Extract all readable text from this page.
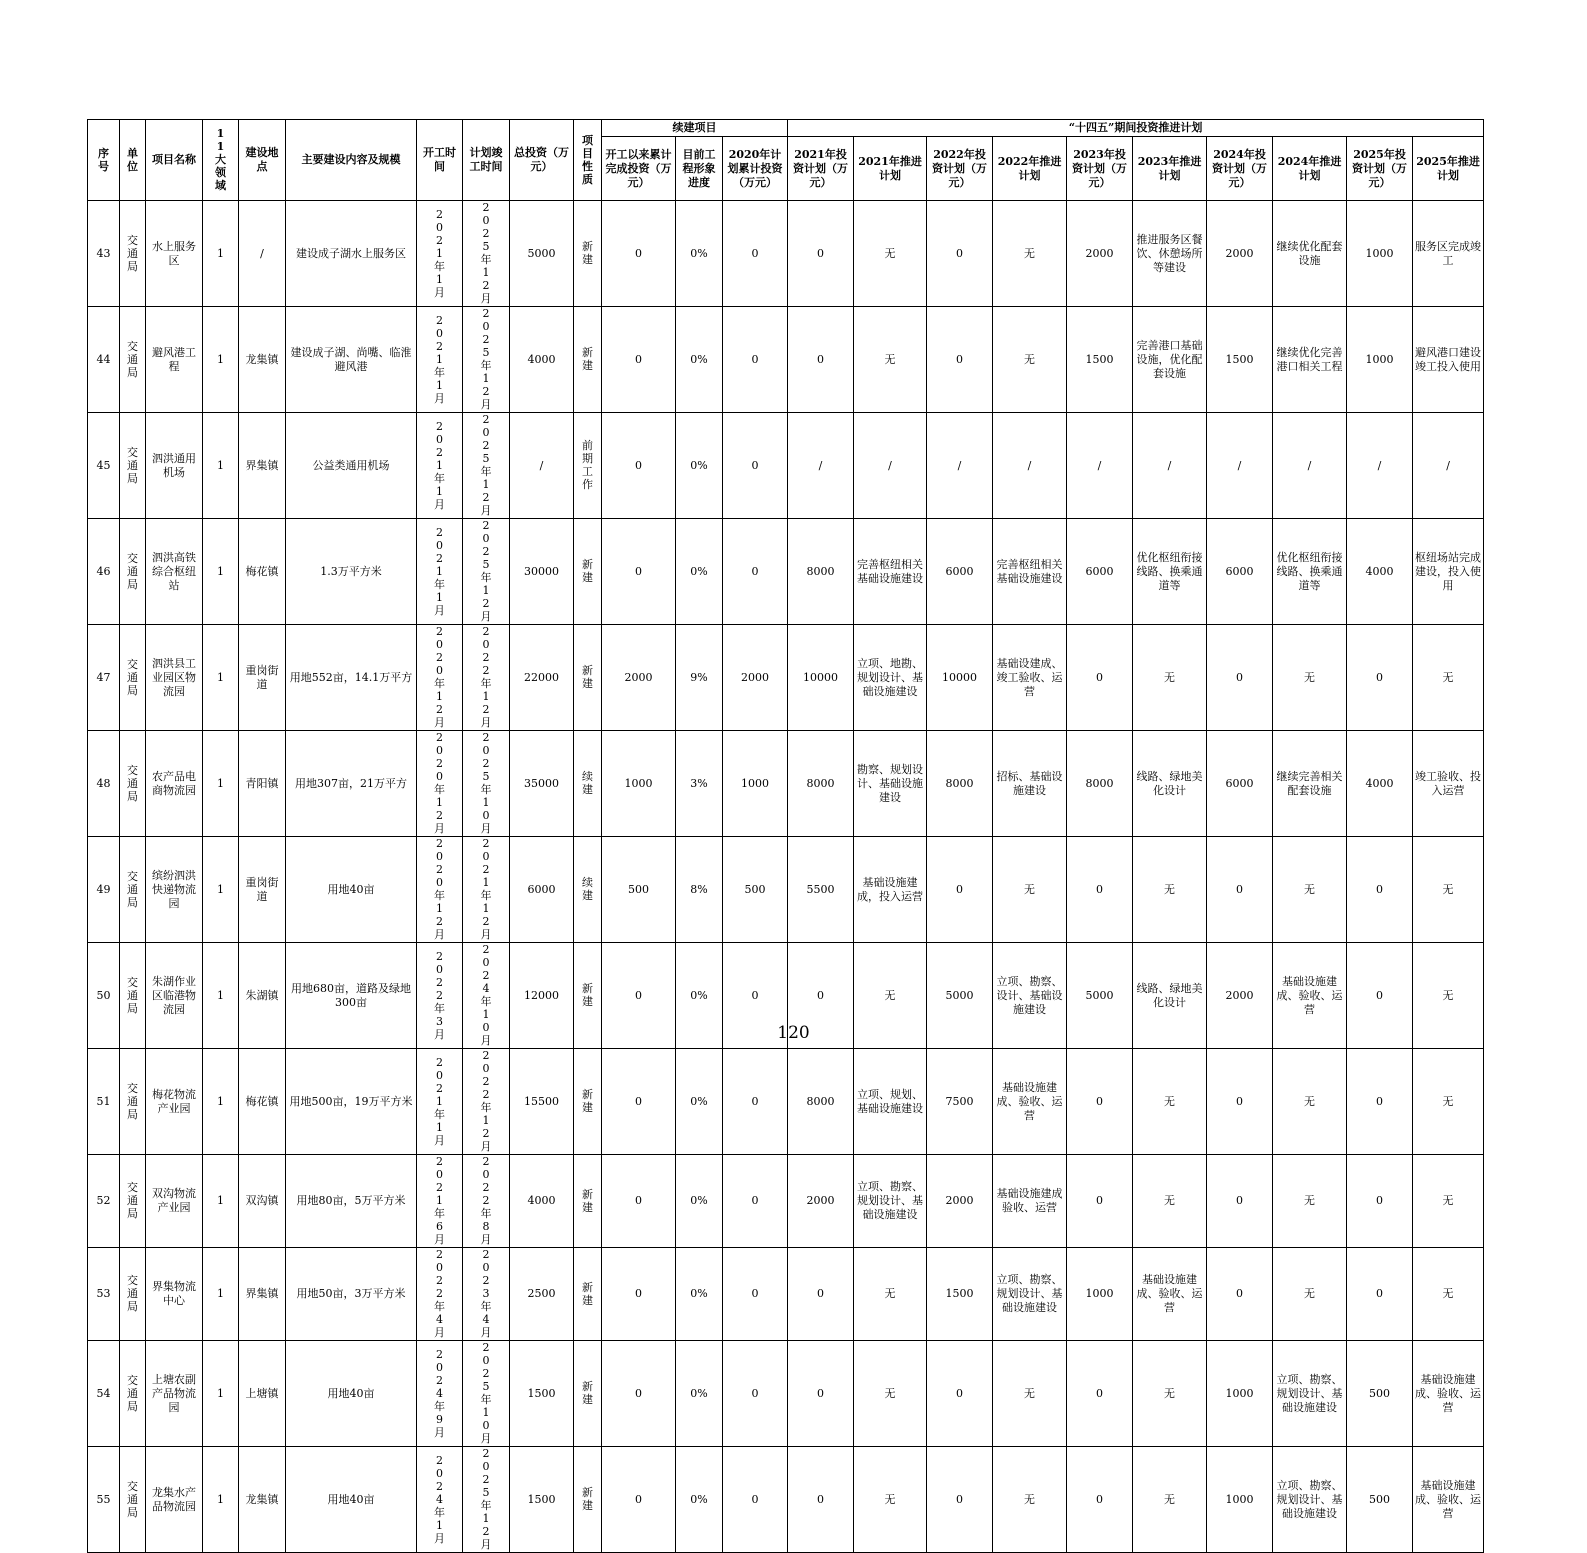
序号	单位	项目名称	11大领域	建设地点	主要建设内容及规模	开工时间	计划竣工时间	总投资（万元）	项目性质	续建项目			“十四五”期间投资推进计划									
										开工以来累计完成投资（万元）	目前工程形象进度	2020年计划累计投资（万元）	2021年投资计划（万元）	2021年推进计划	2022年投资计划（万元）	2022年推进计划	2023年投资计划（万元）	2023年推进计划	2024年投资计划（万元）	2024年推进计划	2025年投资计划（万元）	2025年推进计划
43	交通局	水上服务区	1	/	建设成子湖水上服务区	2021年1月	2025年12月	5000	新建	0	0%	0	0	无	0	无	2000	推进服务区餐饮、休憩场所等建设	2000	继续优化配套设施	1000	服务区完成竣工
44	交通局	避风港工程	1	龙集镇	建设成子湖、尚嘴、临淮避风港	2021年1月	2025年12月	4000	新建	0	0%	0	0	无	0	无	1500	完善港口基础设施，优化配套设施	1500	继续优化完善港口相关工程	1000	避风港口建设竣工投入使用
45	交通局	泗洪通用机场	1	界集镇	公益类通用机场	2021年1月	2025年12月	/	前期工作	0	0%	0	/	/	/	/	/	/	/	/	/	/
46	交通局	泗洪高铁综合枢纽站	1	梅花镇	1.3万平方米	2021年1月	2025年12月	30000	新建	0	0%	0	8000	完善枢纽相关基础设施建设	6000	完善枢纽相关基础设施建设	6000	优化枢纽衔接线路、换乘通道等	6000	优化枢纽衔接线路、换乘通道等	4000	枢纽场站完成建设，投入使用
47	交通局	泗洪县工业园区物流园	1	重岗街道	用地552亩，14.1万平方	2020年12月	2022年12月	22000	新建	2000	9%	2000	10000	立项、地勘、规划设计、基础设施建设	10000	基础设建成、竣工验收、运营	0	无	0	无	0	无
48	交通局	农产品电商物流园	1	青阳镇	用地307亩，21万平方	2020年12月	2025年10月	35000	续建	1000	3%	1000	8000	勘察、规划设计、基础设施建设	8000	招标、基础设施建设	8000	线路、绿地美化设计	6000	继续完善相关配套设施	4000	竣工验收、投入运营
49	交通局	缤纷泗洪快递物流园	1	重岗街道	用地40亩	2020年12月	2021年12月	6000	续建	500	8%	500	5500	基础设施建成，投入运营	0	无	0	无	0	无	0	无
50	交通局	朱湖作业区临港物流园	1	朱湖镇	用地680亩，道路及绿地300亩	2022年3月	2024年10月	12000	新建	0	0%	0	0	无	5000	立项、勘察、设计、基础设施建设	5000	线路、绿地美化设计	2000	基础设施建成、验收、运营	0	无
51	交通局	梅花物流产业园	1	梅花镇	用地500亩，19万平方米	2021年1月	2022年12月	15500	新建	0	0%	0	8000	立项、规划、基础设施建设	7500	基础设施建成、验收、运营	0	无	0	无	0	无
52	交通局	双沟物流产业园	1	双沟镇	用地80亩，5万平方米	2021年6月	2022年8月	4000	新建	0	0%	0	2000	立项、勘察、规划设计、基础设施建设	2000	基础设施建成验收、运营	0	无	0	无	0	无
53	交通局	界集物流中心	1	界集镇	用地50亩，3万平方米	2022年4月	2023年4月	2500	新建	0	0%	0	0	无	1500	立项、勘察、规划设计、基础设施建设	1000	基础设施建成、验收、运营	0	无	0	无
54	交通局	上塘农副产品物流园	1	上塘镇	用地40亩	2024年9月	2025年10月	1500	新建	0	0%	0	0	无	0	无	0	无	1000	立项、勘察、规划设计、基础设施建设	500	基础设施建成、验收、运营
55	交通局	龙集水产品物流园	1	龙集镇	用地40亩	2024年1月	2025年12月	1500	新建	0	0%	0	0	无	0	无	0	无	1000	立项、勘察、规划设计、基础设施建设	500	基础设施建成、验收、运营
120
